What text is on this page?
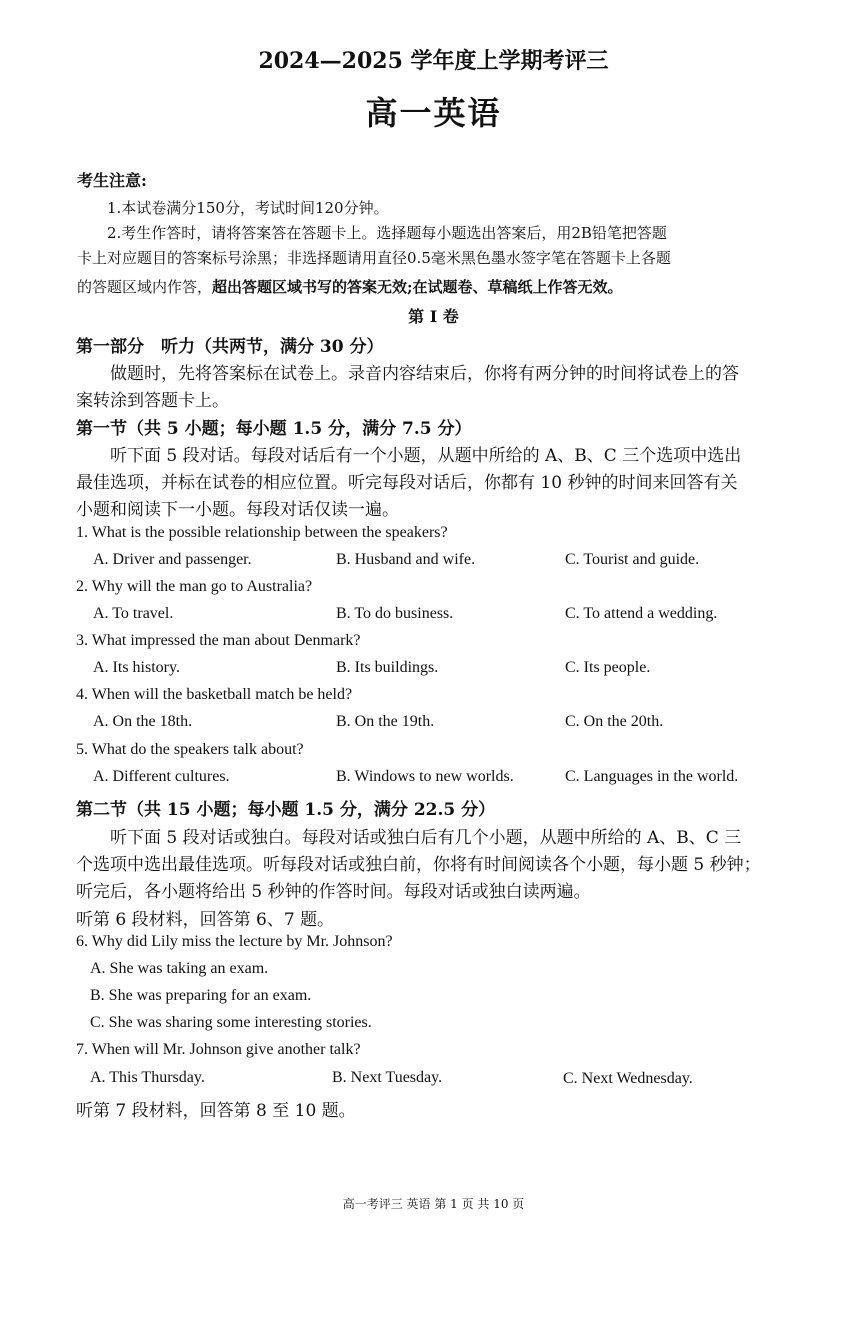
2024—2025 学年度上学期考评三
高一英语
考生注意:
1.本试卷满分150分，考试时间120分钟。
2.考生作答时，请将答案答在答题卡上。选择题每小题选出答案后，用2B铅笔把答题
卡上对应题目的答案标号涂黑；非选择题请用直径0.5毫米黑色墨水签字笔在答题卡上各题
的答题区域内作答，超出答题区域书写的答案无效;在试题卷、草稿纸上作答无效。
第 I 卷
第一部分　听力（共两节，满分 30 分）
做题时，先将答案标在试卷上。录音内容结束后，你将有两分钟的时间将试卷上的答
案转涂到答题卡上。
第一节（共 5 小题；每小题 1.5 分，满分 7.5 分）
听下面 5 段对话。每段对话后有一个小题，从题中所给的 A、B、C 三个选项中选出
最佳选项，并标在试卷的相应位置。听完每段对话后，你都有 10 秒钟的时间来回答有关
小题和阅读下一小题。每段对话仅读一遍。
1. What is the possible relationship between the speakers?
A. Driver and passenger.	B. Husband and wife.	C. Tourist and guide.
2. Why will the man go to Australia?
A. To travel.	B. To do business.	C. To attend a wedding.
3. What impressed the man about Denmark?
A. Its history.	B. Its buildings.	C. Its people.
4. When will the basketball match be held?
A. On the 18th.	B. On the 19th.	C. On the 20th.
5. What do the speakers talk about?
A. Different cultures.	B. Windows to new worlds.	C. Languages in the world.
第二节（共 15 小题；每小题 1.5 分，满分 22.5 分）
听下面 5 段对话或独白。每段对话或独白后有几个小题，从题中所给的 A、B、C 三
个选项中选出最佳选项。听每段对话或独白前，你将有时间阅读各个小题，每小题 5 秒钟；
听完后，各小题将给出 5 秒钟的作答时间。每段对话或独白读两遍。
听第 6 段材料，回答第 6、7 题。
6. Why did Lily miss the lecture by Mr. Johnson?
A. She was taking an exam.
B. She was preparing for an exam.
C. She was sharing some interesting stories.
7. When will Mr. Johnson give another talk?
A. This Thursday.	B. Next Tuesday.	C. Next Wednesday.
听第 7 段材料，回答第 8 至 10 题。
高一考评三 英语 第 1 页 共 10 页
